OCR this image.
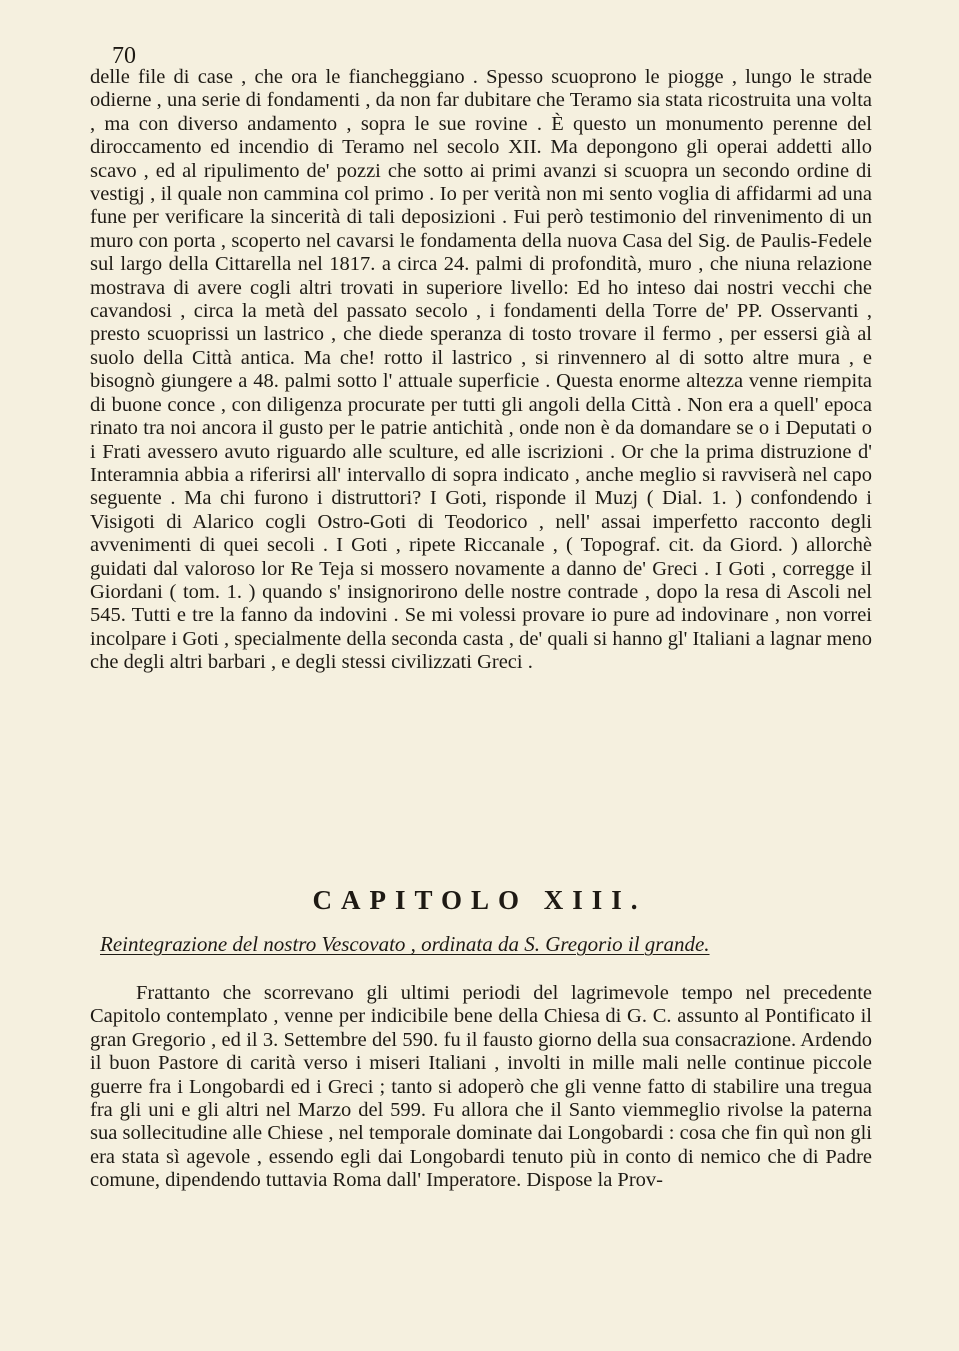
70

delle file di case , che ora le fiancheggiano . Spesso scuoprono le piogge , lungo le strade odierne , una serie di fondamenti , da non far dubitare che Teramo sia stata ricostruita una volta , ma con diverso andamento , sopra le sue rovine . È questo un monumento perenne del diroccamento ed incendio di Teramo nel secolo XII. Ma depongono gli operai addetti allo scavo , ed al ripulimento de' pozzi che sotto ai primi avanzi si scuopra un secondo ordine di vestigj , il quale non cammina col primo . Io per verità non mi sento voglia di affidarmi ad una fune per verificare la sincerità di tali deposizioni . Fui però testimonio del rinvenimento di un muro con porta , scoperto nel cavarsi le fondamenta della nuova Casa del Sig. de Paulis-Fedele sul largo della Cittarella nel 1817. a circa 24. palmi di profondità, muro , che niuna relazione mostrava di avere cogli altri trovati in superiore livello: Ed ho inteso dai nostri vecchi che cavandosi , circa la metà del passato secolo , i fondamenti della Torre de' PP. Osservanti , presto scuoprissi un lastrico , che diede speranza di tosto trovare il fermo , per essersi già al suolo della Città antica. Ma che! rotto il lastrico , si rinvennero al di sotto altre mura , e bisognò giungere a 48. palmi sotto l' attuale superficie . Questa enorme altezza venne riempita di buone conce , con diligenza procurate per tutti gli angoli della Città . Non era a quell' epoca rinato tra noi ancora il gusto per le patrie antichità , onde non è da domandare se o i Deputati o i Frati avessero avuto riguardo alle sculture, ed alle iscrizioni . Or che la prima distruzione d' Interamnia abbia a riferirsi all' intervallo di sopra indicato , anche meglio si ravviserà nel capo seguente . Ma chi furono i distruttori? I Goti, risponde il Muzj ( Dial. 1. ) confondendo i Visigoti di Alarico cogli Ostro-Goti di Teodorico , nell' assai imperfetto racconto degli avvenimenti di quei secoli . I Goti , ripete Riccanale , ( Topograf. cit. da Giord. ) allorchè guidati dal valoroso lor Re Teja si mossero novamente a danno de' Greci . I Goti , corregge il Giordani ( tom. 1. ) quando s' insignorirono delle nostre contrade , dopo la resa di Ascoli nel 545. Tutti e tre la fanno da indovini . Se mi volessi provare io pure ad indovinare , non vorrei incolpare i Goti , specialmente della seconda casta , de' quali si hanno gl' Italiani a lagnar meno che degli altri barbari , e degli stessi civilizzati Greci .

CAPITOLO XIII.

Reintegrazione del nostro Vescovato , ordinata da S. Gregorio il grande.

Frattanto che scorrevano gli ultimi periodi del lagrimevole tempo nel precedente Capitolo contemplato , venne per indicibile bene della Chiesa di G. C. assunto al Pontificato il gran Gregorio , ed il 3. Settembre del 590. fu il fausto giorno della sua consacrazione. Ardendo il buon Pastore di carità verso i miseri Italiani , involti in mille mali nelle continue piccole guerre fra i Longobardi ed i Greci ; tanto si adoperò che gli venne fatto di stabilire una tregua fra gli uni e gli altri nel Marzo del 599. Fu allora che il Santo viemmeglio rivolse la paterna sua sollecitudine alle Chiese , nel temporale dominate dai Longobardi : cosa che fin quì non gli era stata sì agevole , essendo egli dai Longobardi tenuto più in conto di nemico che di Padre comune, dipendendo tuttavia Roma dall' Imperatore. Dispose la Prov-
